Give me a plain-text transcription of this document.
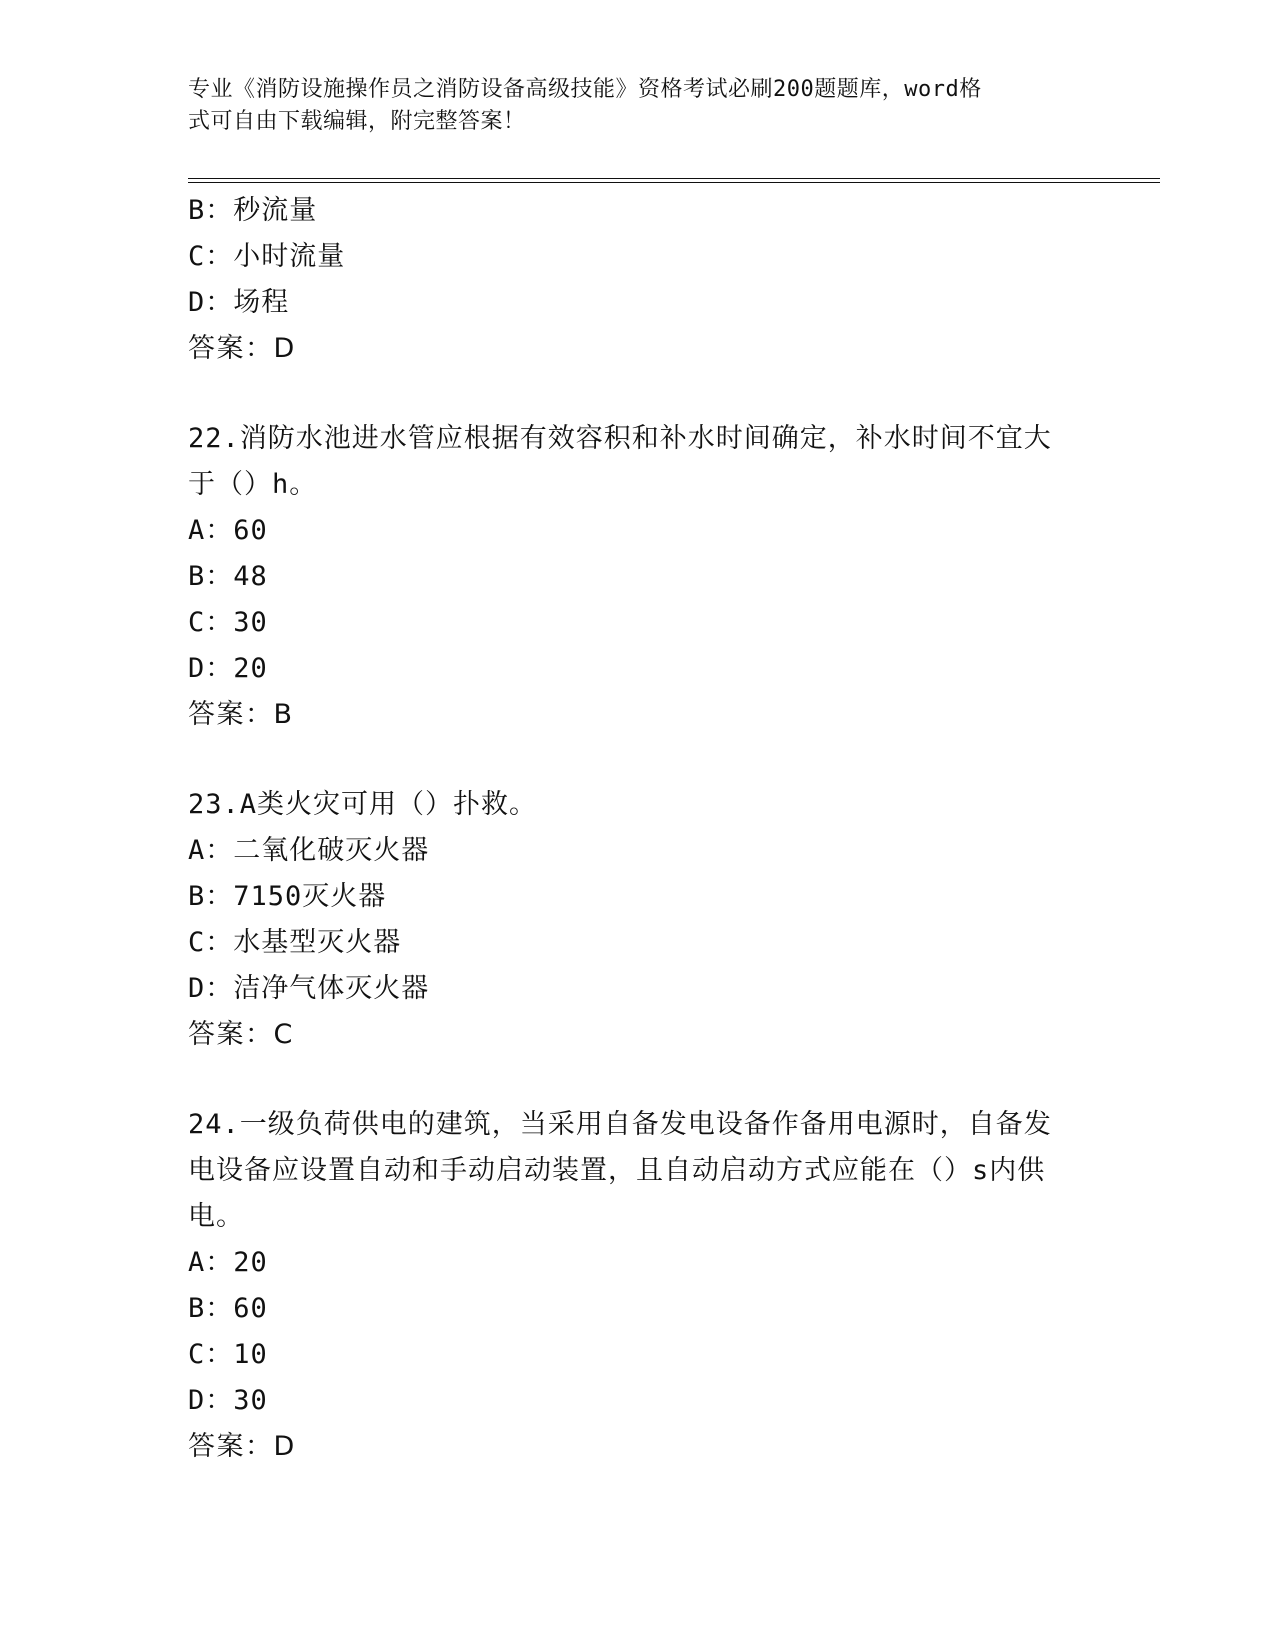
专业《消防设施操作员之消防设备高级技能》资格考试必刷200题题库，word格
式可自由下载编辑，附完整答案！
B：秒流量
C：小时流量
D：场程
答案：D
22.消防水池进水管应根据有效容积和补水时间确定，补水时间不宜大
于（）h。
A：60
B：48
C：30
D：20
答案：B
23.A类火灾可用（）扑救。
A：二氧化破灭火器
B：7150灭火器
C：水基型灭火器
D：洁净气体灭火器
答案：C
24.一级负荷供电的建筑，当采用自备发电设备作备用电源时，自备发
电设备应设置自动和手动启动装置，且自动启动方式应能在（）s内供
电。
A：20
B：60
C：10
D：30
答案：D
